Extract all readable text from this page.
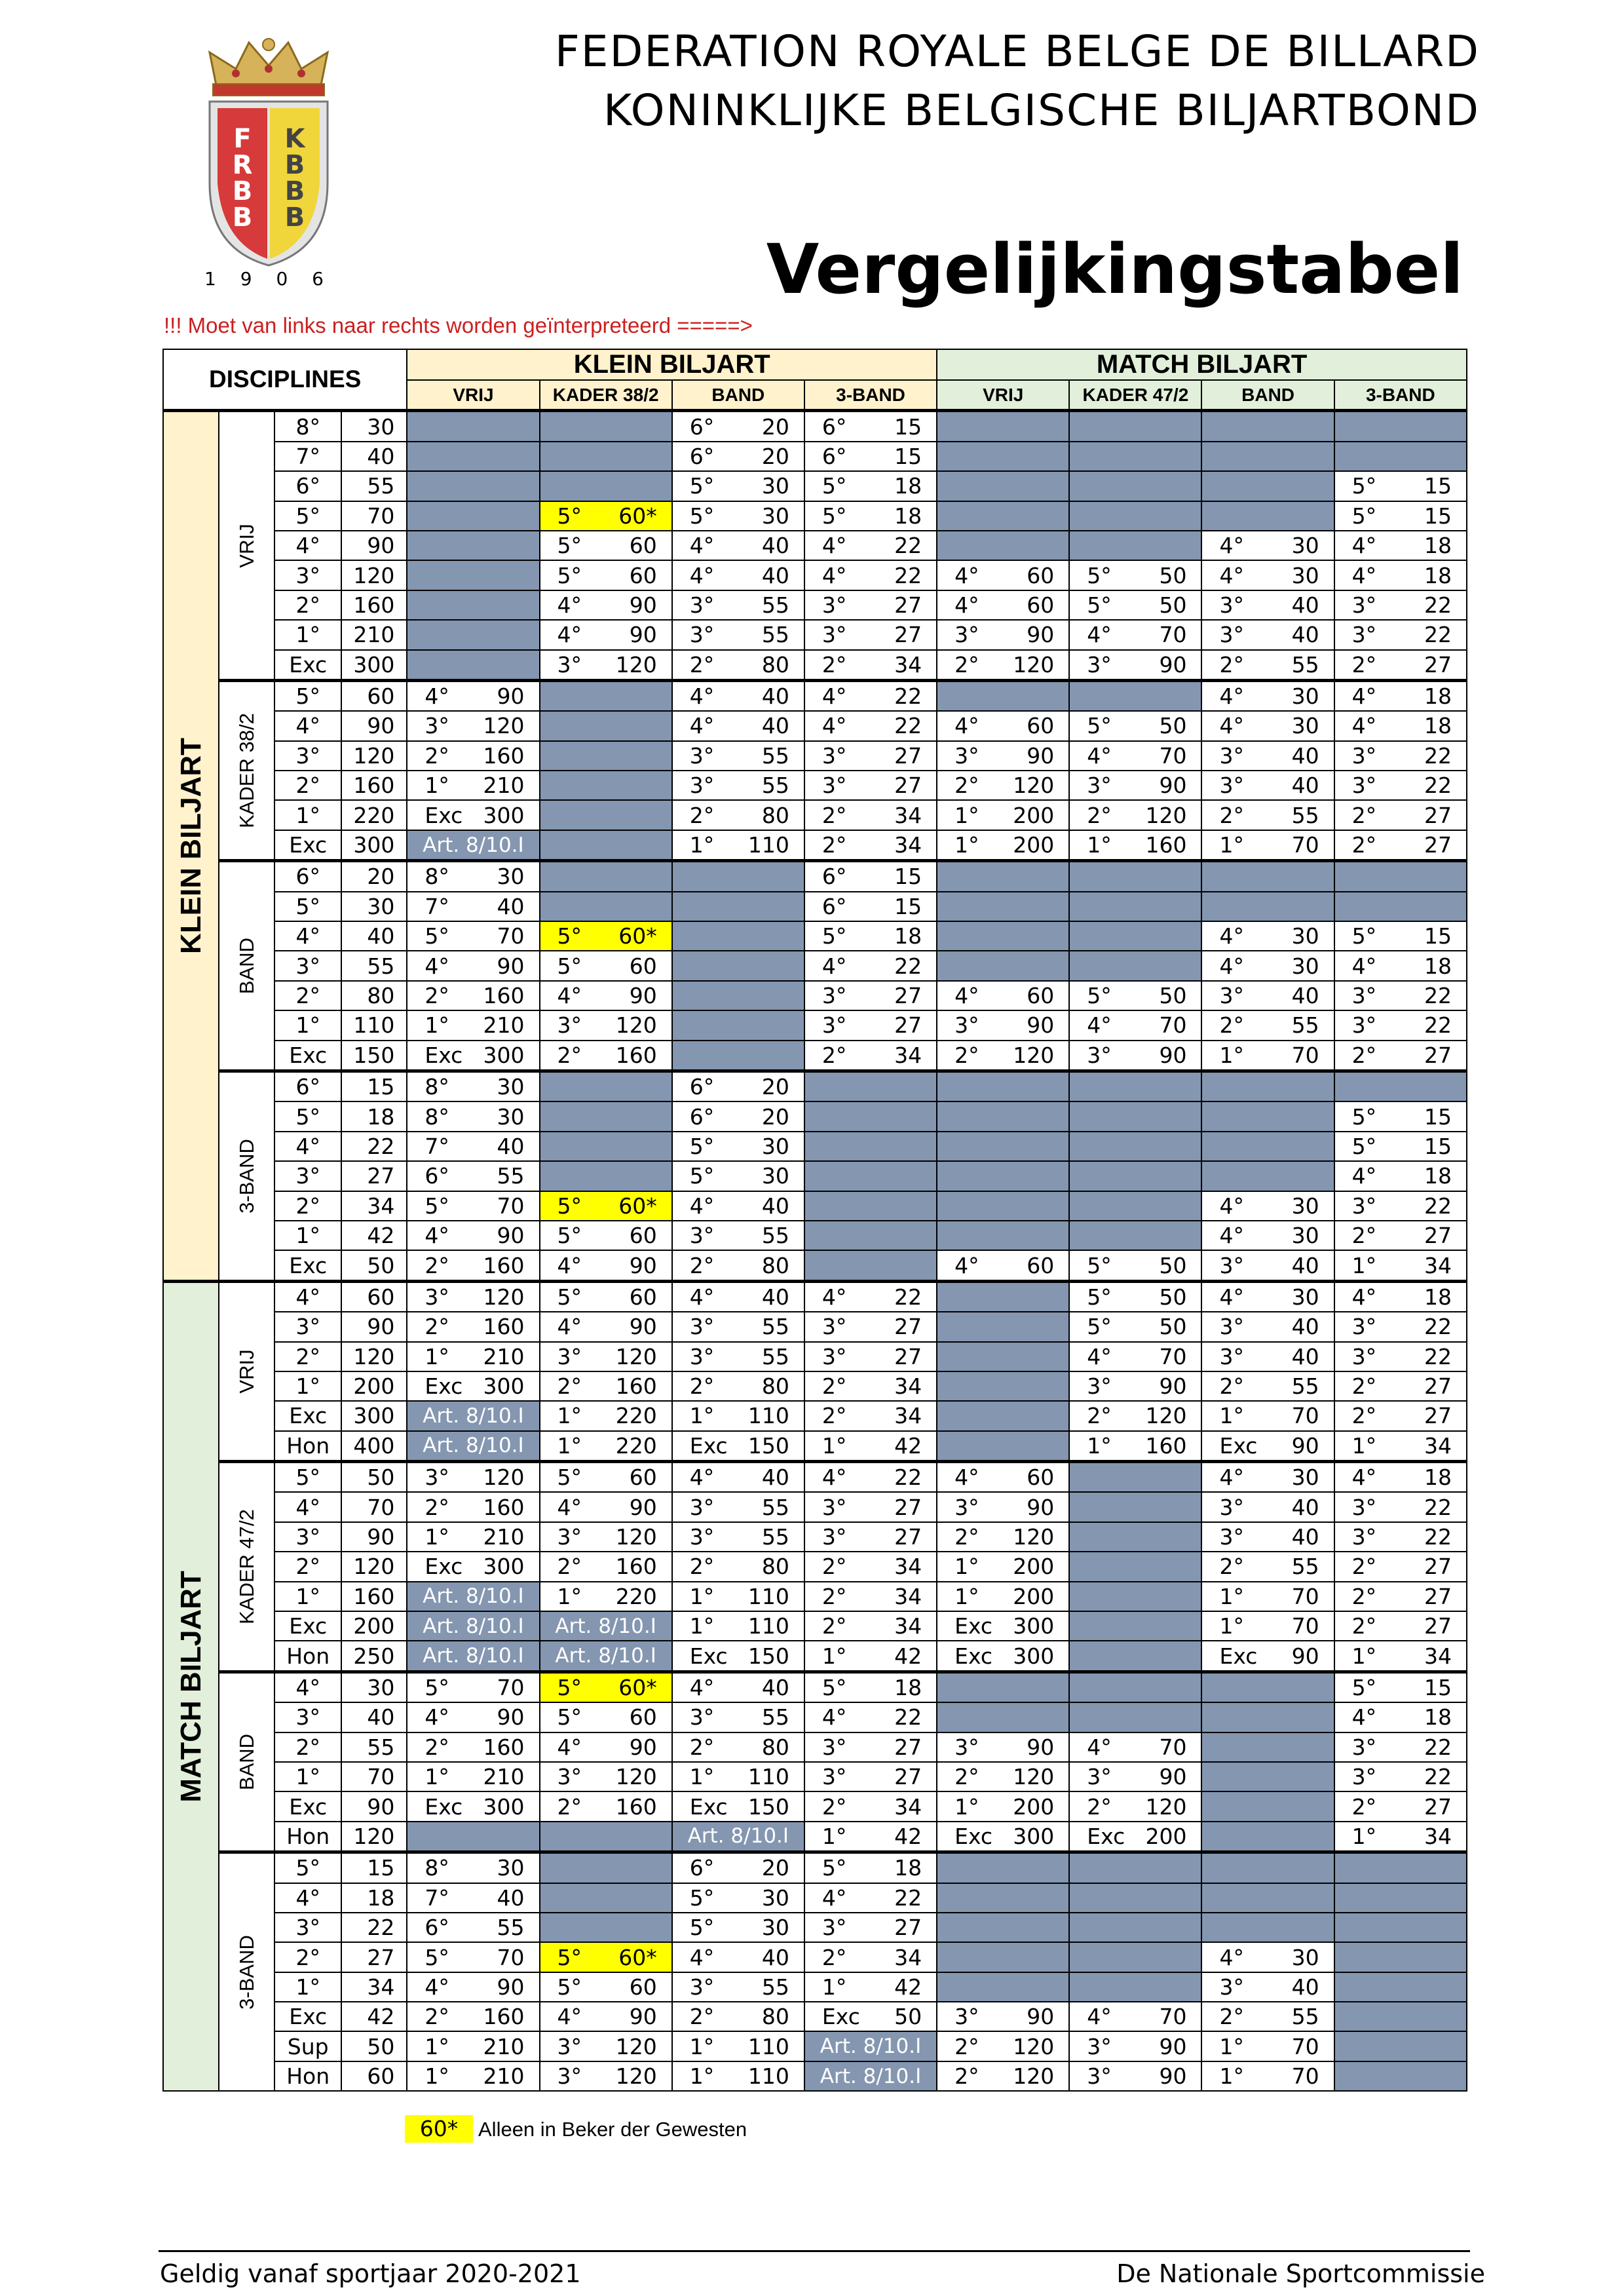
F
R
B
B
K
B
B
B
1 9 0 6
FEDERATION ROYALE BELGE DE BILLARD
KONINKLIJKE BELGISCHE BILJARTBOND
Vergelijkingstabel
!!! Moet van links naar rechts worden geïnterpreteerd =====>
DISCIPLINES				KLEIN BILJART				MATCH BILJART			
				VRIJ	KADER 38/2	BAND	3-BAND	VRIJ	KADER 47/2	BAND	3-BAND

KLEIN BILJART	VRIJ	8°	30			6° 20	6° 15				

		7°	40			6° 20	6° 15				

		6°	55			5° 30	5° 18				5° 15

		5°	70		5° 60*	5° 30	5° 18				5° 15

		4°	90		5° 60	4° 40	4° 22			4° 30	4° 18

		3°	120		5° 60	4° 40	4° 22	4° 60	5° 50	4° 30	4° 18

		2°	160		4° 90	3° 55	3° 27	4° 60	5° 50	3° 40	3° 22

		1°	210		4° 90	3° 55	3° 27	3° 90	4° 70	3° 40	3° 22

		Exc	300		3° 120	2° 80	2° 34	2° 120	3° 90	2° 55	2° 27

	KADER 38/2	5°	60	4° 90		4° 40	4° 22			4° 30	4° 18

		4°	90	3° 120		4° 40	4° 22	4° 60	5° 50	4° 30	4° 18

		3°	120	2° 160		3° 55	3° 27	3° 90	4° 70	3° 40	3° 22

		2°	160	1° 210		3° 55	3° 27	2° 120	3° 90	3° 40	3° 22

		1°	220	Exc 300		2° 80	2° 34	1° 200	2° 120	2° 55	2° 27

		Exc	300	Art. 8/10.I		1° 110	2° 34	1° 200	1° 160	1° 70	2° 27

	BAND	6°	20	8° 30			6° 15				

		5°	30	7° 40			6° 15				

		4°	40	5° 70	5° 60*		5° 18			4° 30	5° 15

		3°	55	4° 90	5° 60		4° 22			4° 30	4° 18

		2°	80	2° 160	4° 90		3° 27	4° 60	5° 50	3° 40	3° 22

		1°	110	1° 210	3° 120		3° 27	3° 90	4° 70	2° 55	3° 22

		Exc	150	Exc 300	2° 160		2° 34	2° 120	3° 90	1° 70	2° 27

	3-BAND	6°	15	8° 30		6° 20					

		5°	18	8° 30		6° 20					5° 15

		4°	22	7° 40		5° 30					5° 15

		3°	27	6° 55		5° 30					4° 18

		2°	34	5° 70	5° 60*	4° 40				4° 30	3° 22

		1°	42	4° 90	5° 60	3° 55				4° 30	2° 27

		Exc	50	2° 160	4° 90	2° 80		4° 60	5° 50	3° 40	1° 34

MATCH BILJART	VRIJ	4°	60	3° 120	5° 60	4° 40	4° 22		5° 50	4° 30	4° 18

		3°	90	2° 160	4° 90	3° 55	3° 27		5° 50	3° 40	3° 22

		2°	120	1° 210	3° 120	3° 55	3° 27		4° 70	3° 40	3° 22

		1°	200	Exc 300	2° 160	2° 80	2° 34		3° 90	2° 55	2° 27

		Exc	300	Art. 8/10.I	1° 220	1° 110	2° 34		2° 120	1° 70	2° 27

		Hon	400	Art. 8/10.I	1° 220	Exc 150	1° 42		1° 160	Exc 90	1° 34

	KADER 47/2	5°	50	3° 120	5° 60	4° 40	4° 22	4° 60		4° 30	4° 18

		4°	70	2° 160	4° 90	3° 55	3° 27	3° 90		3° 40	3° 22

		3°	90	1° 210	3° 120	3° 55	3° 27	2° 120		3° 40	3° 22

		2°	120	Exc 300	2° 160	2° 80	2° 34	1° 200		2° 55	2° 27

		1°	160	Art. 8/10.I	1° 220	1° 110	2° 34	1° 200		1° 70	2° 27

		Exc	200	Art. 8/10.I	Art. 8/10.I	1° 110	2° 34	Exc 300		1° 70	2° 27

		Hon	250	Art. 8/10.I	Art. 8/10.I	Exc 150	1° 42	Exc 300		Exc 90	1° 34

	BAND	4°	30	5° 70	5° 60*	4° 40	5° 18				5° 15

		3°	40	4° 90	5° 60	3° 55	4° 22				4° 18

		2°	55	2° 160	4° 90	2° 80	3° 27	3° 90	4° 70		3° 22

		1°	70	1° 210	3° 120	1° 110	3° 27	2° 120	3° 90		3° 22

		Exc	90	Exc 300	2° 160	Exc 150	2° 34	1° 200	2° 120		2° 27

		Hon	120			Art. 8/10.I	1° 42	Exc 300	Exc 200		1° 34

	3-BAND	5°	15	8° 30		6° 20	5° 18				

		4°	18	7° 40		5° 30	4° 22				

		3°	22	6° 55		5° 30	3° 27				

		2°	27	5° 70	5° 60*	4° 40	2° 34			4° 30	

		1°	34	4° 90	5° 60	3° 55	1° 42			3° 40	

		Exc	42	2° 160	4° 90	2° 80	Exc 50	3° 90	4° 70	2° 55	

		Sup	50	1° 210	3° 120	1° 110	Art. 8/10.I	2° 120	3° 90	1° 70	

		Hon	60	1° 210	3° 120	1° 110	Art. 8/10.I	2° 120	3° 90	1° 70	

60* Alleen in Beker der Gewesten
Geldig vanaf sportjaar 2020-2021	De Nationale Sportcommissie
